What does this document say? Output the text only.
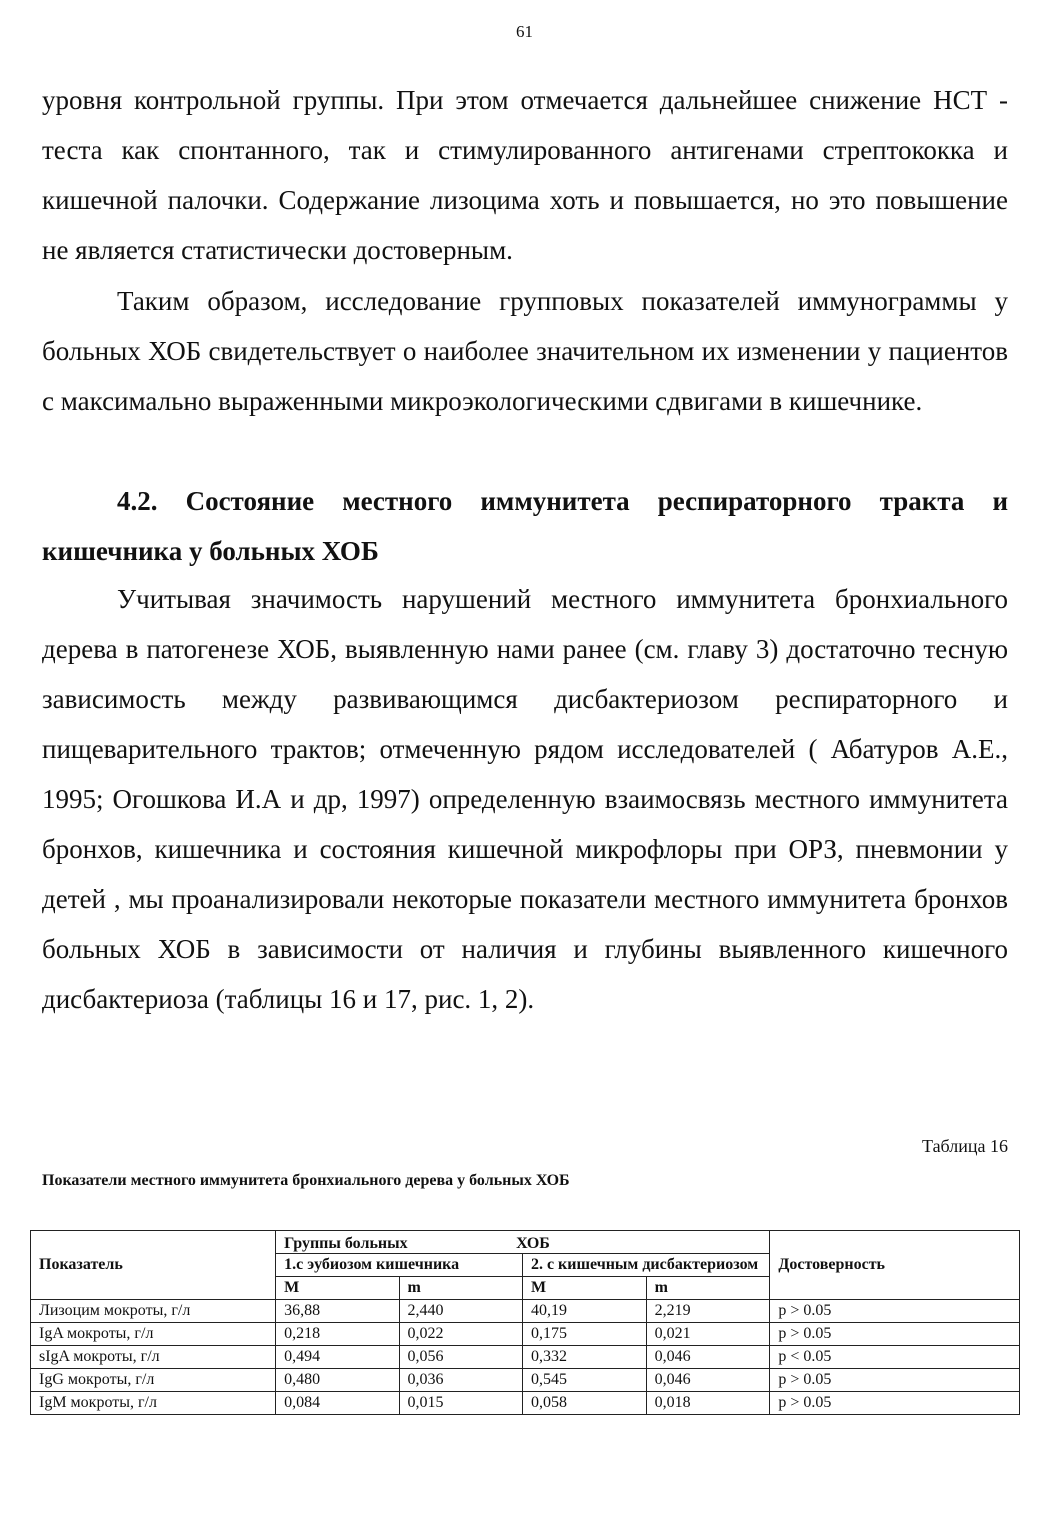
61

уровня контрольной группы. При этом отмечается дальнейшее снижение НСТ - теста как спонтанного, так и стимулированного антигенами стрептококка и кишечной палочки. Содержание лизоцима хоть и повышается, но это повышение не является статистически достоверным.

Таким образом, исследование групповых показателей иммунограммы у больных ХОБ свидетельствует о наиболее значительном их изменении у пациентов с максимально выраженными микроэкологическими сдвигами в кишечнике.

4.2. Состояние местного иммунитета респираторного тракта и кишечника у больных ХОБ

Учитывая значимость нарушений местного иммунитета бронхиального дерева в патогенезе ХОБ, выявленную нами ранее (см. главу 3) достаточно тесную зависимость между развивающимся дисбактериозом респираторного и пищеварительного трактов; отмеченную рядом исследователей ( Абатуров А.Е., 1995; Огошкова И.А и др, 1997) определенную взаимосвязь местного иммунитета бронхов, кишечника и состояния кишечной микрофлоры при ОРЗ, пневмонии у детей , мы проанализировали некоторые показатели местного иммунитета бронхов больных ХОБ в зависимости от наличия и глубины выявленного кишечного дисбактериоза (таблицы 16 и 17, рис. 1, 2).

Таблица 16
Показатели местного иммунитета бронхиального дерева у больных ХОБ
Показатель	Группы больных ХОБ				Достоверность
	1.с эубиозом кишечника		2. с кишечным дисбактериозом		

	М	m	М	m	
Лизоцим мокроты, г/л	36,88	2,440	40,19	2,219	p > 0.05
IgA мокроты, г/л	0,218	0,022	0,175	0,021	p > 0.05
sIgA мокроты, г/л	0,494	0,056	0,332	0,046	p < 0.05
IgG мокроты, г/л	0,480	0,036	0,545	0,046	p > 0.05
IgM мокроты, г/л	0,084	0,015	0,058	0,018	p > 0.05
